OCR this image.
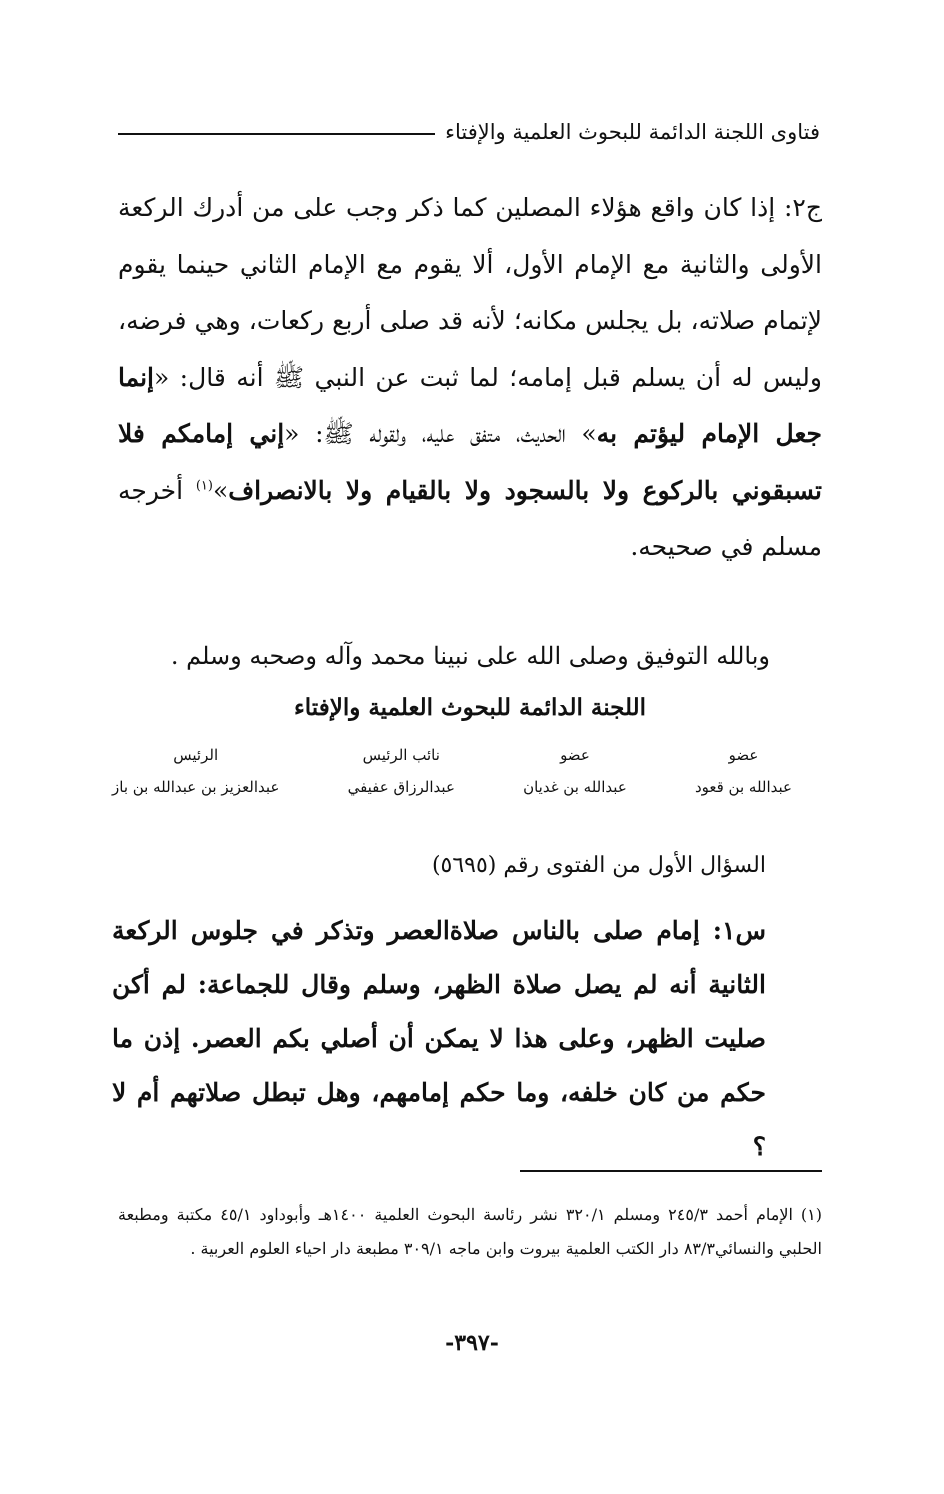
فتاوى اللجنة الدائمة للبحوث العلمية والإفتاء
ج٢: إذا كان واقع هؤلاء المصلين كما ذكر وجب على من أدرك الركعة الأولى والثانية مع الإمام الأول، ألا يقوم مع الإمام الثاني حينما يقوم لإتمام صلاته، بل يجلس مكانه؛ لأنه قد صلى أربع ركعات، وهي فرضه، وليس له أن يسلم قبل إمامه؛ لما ثبت عن النبي ﷺ أنه قال: «إنما جعل الإمام ليؤتم به» الحديث، متفق عليه، ولقوله ﷺ: «إني إمامكم فلا تسبقوني بالركوع ولا بالسجود ولا بالقيام ولا بالانصراف»$^{(١)}$ أخرجه مسلم في صحيحه.
وبالله التوفيق وصلى الله على نبينا محمد وآله وصحبه وسلم .
اللجنة الدائمة للبحوث العلمية والإفتاء
عضو
عبدالله بن قعود
عضو
عبدالله بن غديان
نائب الرئيس
عبدالرزاق عفيفي
الرئيس
عبدالعزيز بن عبدالله بن باز
السؤال الأول من الفتوى رقم (٥٦٩٥)
س١: إمام صلى بالناس صلاةالعصر وتذكر في جلوس الركعة الثانية أنه لم يصل صلاة الظهر، وسلم وقال للجماعة: لم أكن صليت الظهر، وعلى هذا لا يمكن أن أصلي بكم العصر. إذن ما حكم من كان خلفه، وما حكم إمامهم، وهل تبطل صلاتهم أم لا ؟
(١) الإمام أحمد ٢٤٥/٣ ومسلم ٣٢٠/١ نشر رئاسة البحوث العلمية ١٤٠٠هـ وأبوداود ٤٥/١ مكتبة ومطبعة الحلبي والنسائي٨٣/٣ دار الكتب العلمية بيروت وابن ماجه ٣٠٩/١ مطبعة دار احياء العلوم العربية .
-٣٩٧-
